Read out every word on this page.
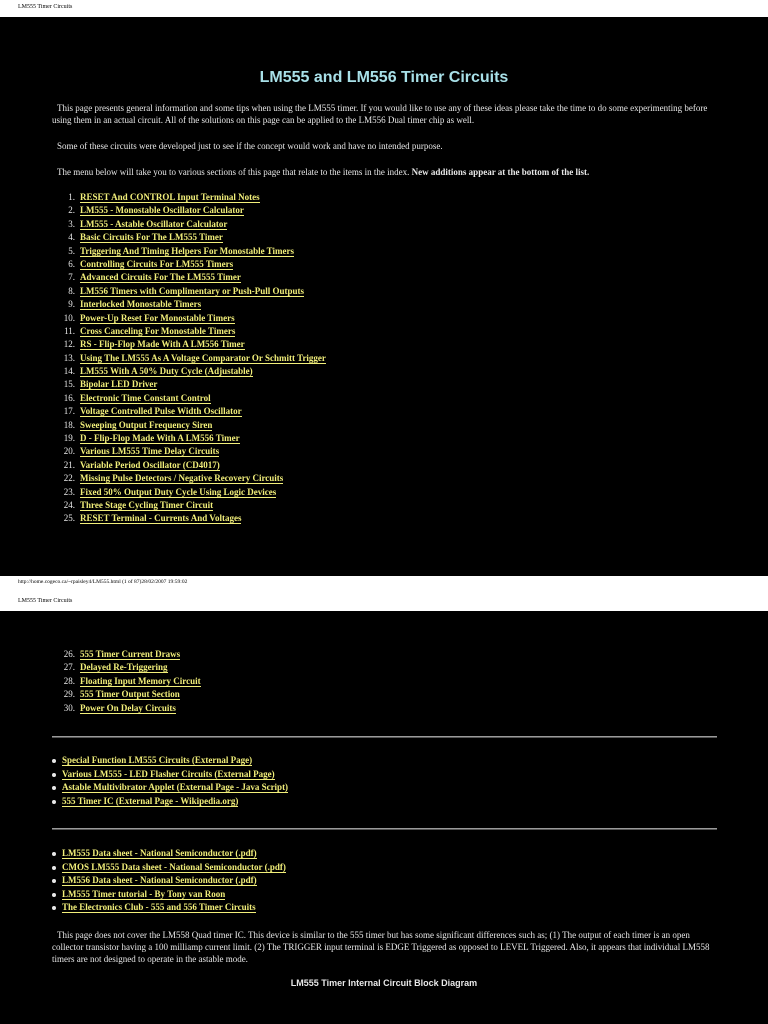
LM555 Timer Circuits
LM555 and LM556 Timer Circuits
This page presents general information and some tips when using the LM555 timer. If you would like to use any of these ideas please take the time to do some experimenting before using them in an actual circuit. All of the solutions on this page can be applied to the LM556 Dual timer chip as well.
Some of these circuits were developed just to see if the concept would work and have no intended purpose.
The menu below will take you to various sections of this page that relate to the items in the index. New additions appear at the bottom of the list.
1. RESET And CONTROL Input Terminal Notes
2. LM555 - Monostable Oscillator Calculator
3. LM555 - Astable Oscillator Calculator
4. Basic Circuits For The LM555 Timer
5. Triggering And Timing Helpers For Monostable Timers
6. Controlling Circuits For LM555 Timers
7. Advanced Circuits For The LM555 Timer
8. LM556 Timers with Complimentary or Push-Pull Outputs
9. Interlocked Monostable Timers
10. Power-Up Reset For Monostable Timers
11. Cross Canceling For Monostable Timers
12. RS - Flip-Flop Made With A LM556 Timer
13. Using The LM555 As A Voltage Comparator Or Schmitt Trigger
14. LM555 With A 50% Duty Cycle (Adjustable)
15. Bipolar LED Driver
16. Electronic Time Constant Control
17. Voltage Controlled Pulse Width Oscillator
18. Sweeping Output Frequency Siren
19. D - Flip-Flop Made With A LM556 Timer
20. Various LM555 Time Delay Circuits
21. Variable Period Oscillator (CD4017)
22. Missing Pulse Detectors / Negative Recovery Circuits
23. Fixed 50% Output Duty Cycle Using Logic Devices
24. Three Stage Cycling Timer Circuit
25. RESET Terminal - Currents And Voltages
http://home.cogeco.ca/~rpaisley4/LM555.html (1 of 87)28/02/2007 19:59:02
LM555 Timer Circuits
26. 555 Timer Current Draws
27. Delayed Re-Triggering
28. Floating Input Memory Circuit
29. 555 Timer Output Section
30. Power On Delay Circuits
Special Function LM555 Circuits (External Page)
Various LM555 - LED Flasher Circuits (External Page)
Astable Multivibrator Applet (External Page - Java Script)
555 Timer IC (External Page - Wikipedia.org)
LM555 Data sheet - National Semiconductor (.pdf)
CMOS LM555 Data sheet - National Semiconductor (.pdf)
LM556 Data sheet - National Semiconductor (.pdf)
LM555 Timer tutorial - By Tony van Roon
The Electronics Club - 555 and 556 Timer Circuits
This page does not cover the LM558 Quad timer IC. This device is similar to the 555 timer but has some significant differences such as; (1) The output of each timer is an open collector transistor having a 100 milliamp current limit. (2) The TRIGGER input terminal is EDGE Triggered as opposed to LEVEL Triggered. Also, it appears that individual LM558 timers are not designed to operate in the astable mode.
LM555 Timer Internal Circuit Block Diagram
